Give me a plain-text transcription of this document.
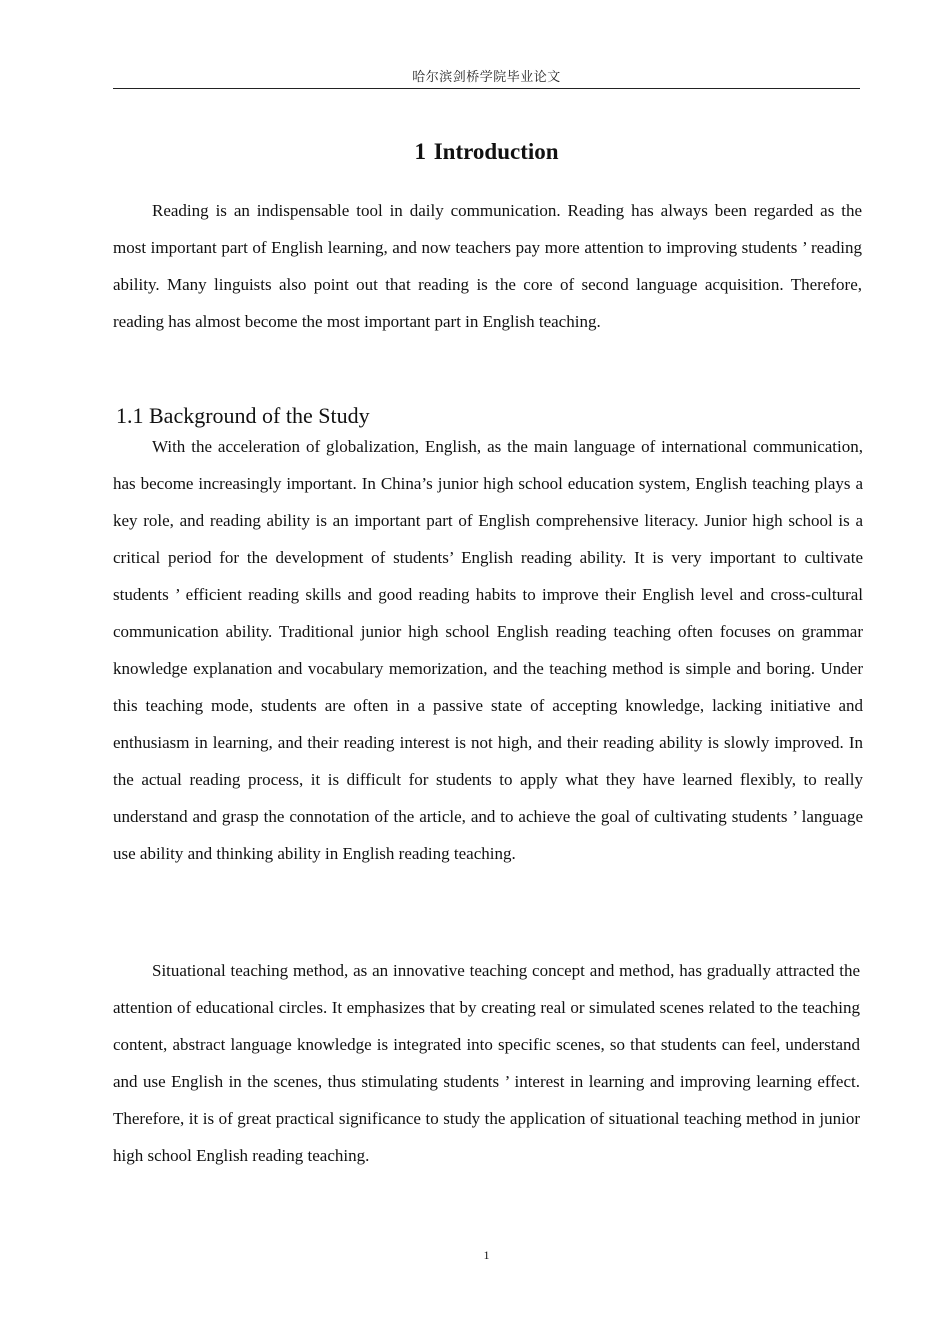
哈尔滨剑桥学院毕业论文
1 Introduction

Reading is an indispensable tool in daily communication. Reading has always been regarded as the most important part of English learning, and now teachers pay more attention to improving students ’ reading ability. Many linguists also point out that reading is the core of second language acquisition. Therefore, reading has almost become the most important part in English teaching.

1.1 Background of the Study

With the acceleration of globalization, English, as the main language of international communication, has become increasingly important. In China’s junior high school education system, English teaching plays a key role, and reading ability is an important part of English comprehensive literacy. Junior high school is a critical period for the development of students’ English reading ability. It is very important to cultivate students ’ efficient reading skills and good reading habits to improve their English level and cross-cultural communication ability. Traditional junior high school English reading teaching often focuses on grammar knowledge explanation and vocabulary memorization, and the teaching method is simple and boring. Under this teaching mode, students are often in a passive state of accepting knowledge, lacking initiative and enthusiasm in learning, and their reading interest is not high, and their reading ability is slowly improved. In the actual reading process, it is difficult for students to apply what they have learned flexibly, to really understand and grasp the connotation of the article, and to achieve the goal of cultivating students ’ language use ability and thinking ability in English reading teaching.

Situational teaching method, as an innovative teaching concept and method, has gradually attracted the attention of educational circles. It emphasizes that by creating real or simulated scenes related to the teaching content, abstract language knowledge is integrated into specific scenes, so that students can feel, understand and use English in the scenes, thus stimulating students ’ interest in learning and improving learning effect. Therefore, it is of great practical significance to study the application of situational teaching method in junior high school English reading teaching.

1
